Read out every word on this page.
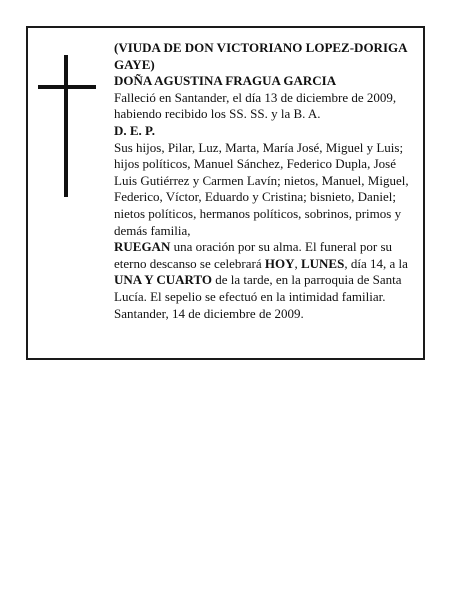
(VIUDA DE DON VICTORIANO LOPEZ-DORIGA GAYE)

DOÑA AGUSTINA FRAGUA GARCIA

Falleció en Santander, el día 13 de diciembre de 2009, habiendo recibido los SS. SS. y la B. A.

D. E. P.

Sus hijos, Pilar, Luz, Marta, María José, Miguel y Luis; hijos políticos, Manuel Sánchez, Federico Dupla, José Luis Gutiérrez y Carmen Lavín; nietos, Manuel, Miguel, Federico, Víctor, Eduardo y Cristina; bisnieto, Daniel; nietos políticos, hermanos políticos, sobrinos, primos y demás familia,

RUEGAN una oración por su alma. El funeral por su eterno descanso se celebrará HOY, LUNES, día 14, a la UNA Y CUARTO de la tarde, en la parroquia de Santa Lucía. El sepelio se efectuó en la intimidad familiar.

Santander, 14 de diciembre de 2009.
